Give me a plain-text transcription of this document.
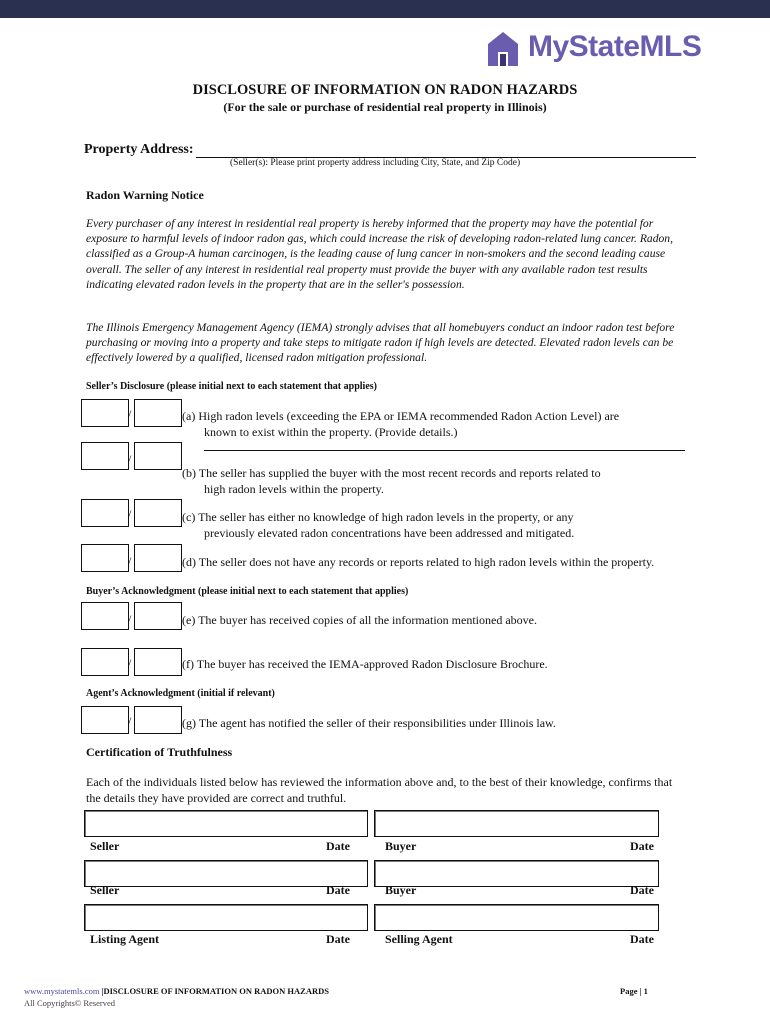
MyStateMLS
DISCLOSURE OF INFORMATION ON RADON HAZARDS
(For the sale or purchase of residential real property in Illinois)
Property Address:
(Seller(s): Please print property address including City, State, and Zip Code)
Radon Warning Notice
Every purchaser of any interest in residential real property is hereby informed that the property may have the potential for exposure to harmful levels of indoor radon gas, which could increase the risk of developing radon-related lung cancer. Radon, classified as a Group-A human carcinogen, is the leading cause of lung cancer in non-smokers and the second leading cause overall. The seller of any interest in residential real property must provide the buyer with any available radon test results indicating elevated radon levels in the property that are in the seller's possession.
The Illinois Emergency Management Agency (IEMA) strongly advises that all homebuyers conduct an indoor radon test before purchasing or moving into a property and take steps to mitigate radon if high levels are detected. Elevated radon levels can be effectively lowered by a qualified, licensed radon mitigation professional.
Seller’s Disclosure (please initial next to each statement that applies)
/	(a) High radon levels (exceeding the EPA or IEMA recommended Radon Action Level) are
known to exist within the property. (Provide details.)
/
(b) The seller has supplied the buyer with the most recent records and reports related to
high radon levels within the property.
/	(c) The seller has either no knowledge of high radon levels in the property, or any
previously elevated radon concentrations have been addressed and mitigated.
/	(d) The seller does not have any records or reports related to high radon levels within the property.
Buyer’s Acknowledgment (please initial next to each statement that applies)
/	(e) The buyer has received copies of all the information mentioned above.
/	(f) The buyer has received the IEMA-approved Radon Disclosure Brochure.
Agent’s Acknowledgment (initial if relevant)
/	(g) The agent has notified the seller of their responsibilities under Illinois law.
Certification of Truthfulness
Each of the individuals listed below has reviewed the information above and, to the best of their knowledge, confirms that the details they have provided are correct and truthful.
Seller	Date	Buyer	Date
Seller	Date	Buyer	Date
Listing Agent	Date	Selling Agent	Date
www.mystatemls.com |DISCLOSURE OF INFORMATION ON RADON HAZARDS
All Copyrights© Reserved
Page | 1
